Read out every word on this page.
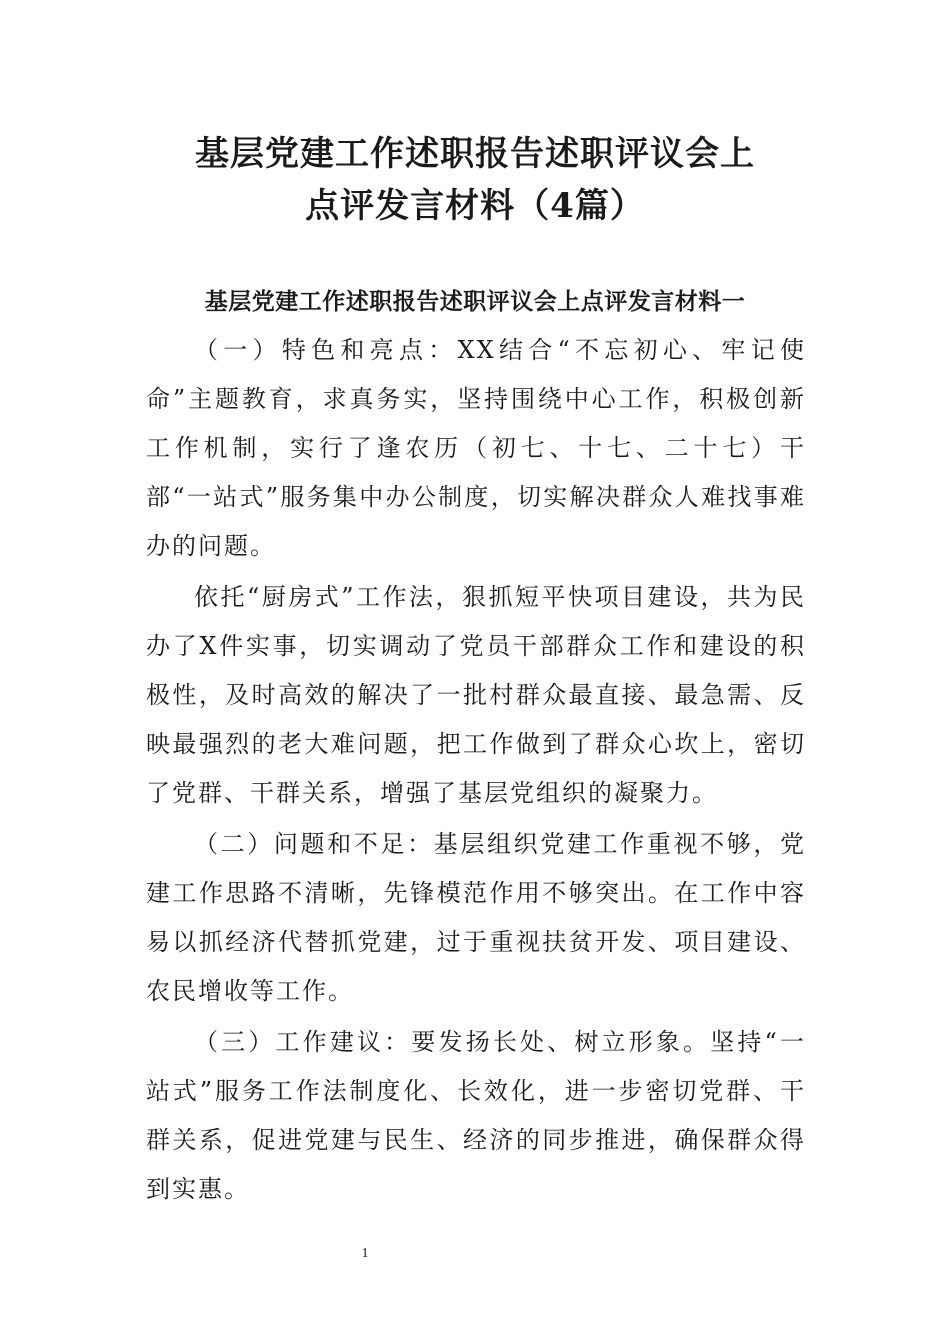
基层党建工作述职报告述职评议会上
点评发言材料（4篇）
基层党建工作述职报告述职评议会上点评发言材料一

（一）特色和亮点：XX结合“不忘初心、牢记使命”主题教育，求真务实，坚持围绕中心工作，积极创新工作机制，实行了逢农历（初七、十七、二十七）干部“一站式”服务集中办公制度，切实解决群众人难找事难办的问题。

依托“厨房式”工作法，狠抓短平快项目建设，共为民办了X件实事，切实调动了党员干部群众工作和建设的积极性，及时高效的解决了一批村群众最直接、最急需、反映最强烈的老大难问题，把工作做到了群众心坎上，密切了党群、干群关系，增强了基层党组织的凝聚力。

（二）问题和不足：基层组织党建工作重视不够，党建工作思路不清晰，先锋模范作用不够突出。在工作中容易以抓经济代替抓党建，过于重视扶贫开发、项目建设、农民增收等工作。

（三）工作建议：要发扬长处、树立形象。坚持“一站式”服务工作法制度化、长效化，进一步密切党群、干群关系，促进党建与民生、经济的同步推进，确保群众得到实惠。

1
